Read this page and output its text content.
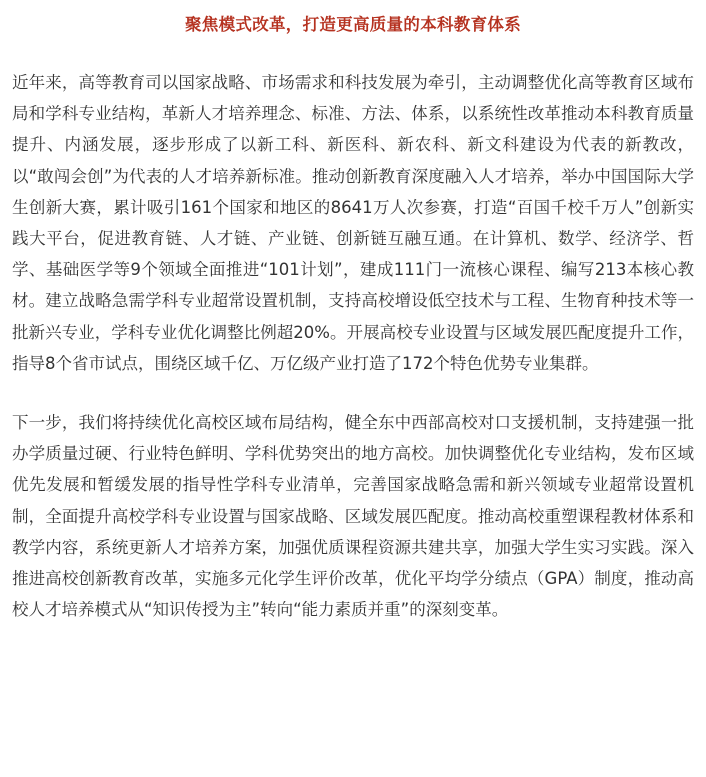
聚焦模式改革，打造更高质量的本科教育体系

近年来，高等教育司以国家战略、市场需求和科技发展为牵引，主动调整优化高等教育区域布局和学科专业结构，革新人才培养理念、标准、方法、体系，以系统性改革推动本科教育质量提升、内涵发展，逐步形成了以新工科、新医科、新农科、新文科建设为代表的新教改，以“敢闯会创”为代表的人才培养新标准。推动创新教育深度融入人才培养，举办中国国际大学生创新大赛，累计吸引161个国家和地区的8641万人次参赛，打造“百国千校千万人”创新实践大平台，促进教育链、人才链、产业链、创新链互融互通。在计算机、数学、经济学、哲学、基础医学等9个领域全面推进“101计划”，建成111门一流核心课程、编写213本核心教材。建立战略急需学科专业超常设置机制，支持高校增设低空技术与工程、生物育种技术等一批新兴专业，学科专业优化调整比例超20%。开展高校专业设置与区域发展匹配度提升工作，指导8个省市试点，围绕区域千亿、万亿级产业打造了172个特色优势专业集群。

下一步，我们将持续优化高校区域布局结构，健全东中西部高校对口支援机制，支持建强一批办学质量过硬、行业特色鲜明、学科优势突出的地方高校。加快调整优化专业结构，发布区域优先发展和暂缓发展的指导性学科专业清单，完善国家战略急需和新兴领域专业超常设置机制，全面提升高校学科专业设置与国家战略、区域发展匹配度。推动高校重塑课程教材体系和教学内容，系统更新人才培养方案，加强优质课程资源共建共享，加强大学生实习实践。深入推进高校创新教育改革，实施多元化学生评价改革，优化平均学分绩点（GPA）制度，推动高校人才培养模式从“知识传授为主”转向“能力素质并重”的深刻变革。
